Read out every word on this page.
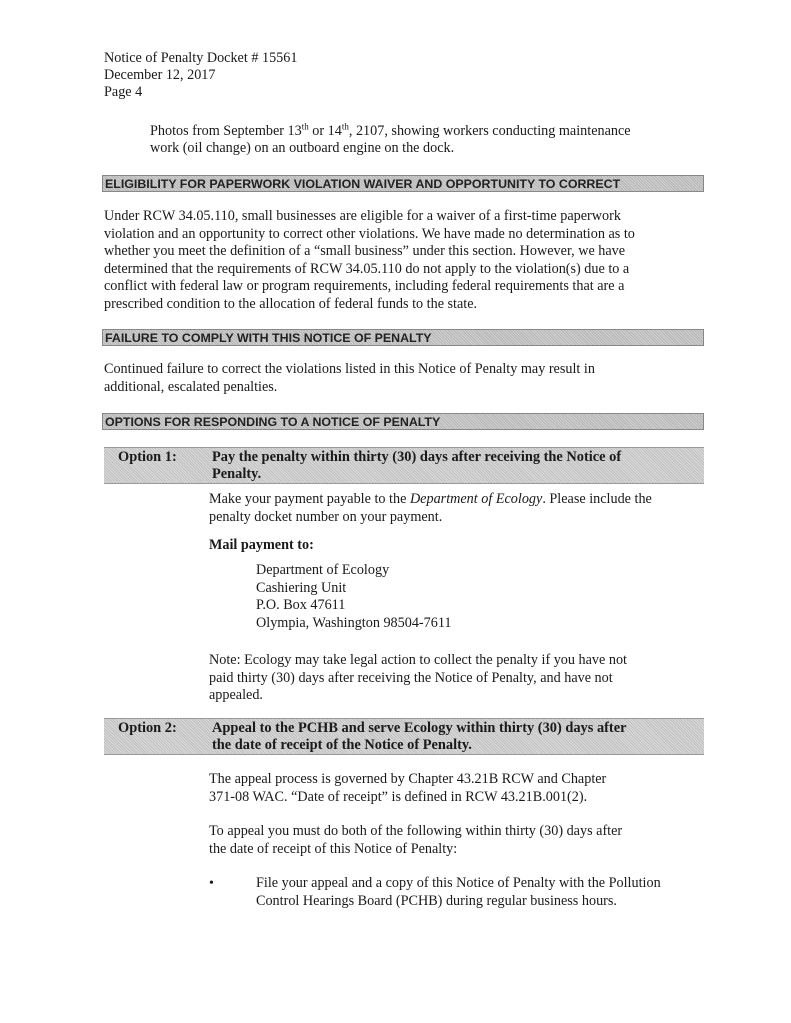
Notice of Penalty Docket # 15561
December 12, 2017
Page 4
Photos from September 13th or 14th, 2107, showing workers conducting maintenance
work (oil change) on an outboard engine on the dock.
ELIGIBILITY FOR PAPERWORK VIOLATION WAIVER AND OPPORTUNITY TO CORRECT
Under RCW 34.05.110, small businesses are eligible for a waiver of a first-time paperwork
violation and an opportunity to correct other violations. We have made no determination as to
whether you meet the definition of a “small business” under this section. However, we have
determined that the requirements of RCW 34.05.110 do not apply to the violation(s) due to a
conflict with federal law or program requirements, including federal requirements that are a
prescribed condition to the allocation of federal funds to the state.
FAILURE TO COMPLY WITH THIS NOTICE OF PENALTY
Continued failure to correct the violations listed in this Notice of Penalty may result in
additional, escalated penalties.
OPTIONS FOR RESPONDING TO A NOTICE OF PENALTY
Option 1: Pay the penalty within thirty (30) days after receiving the Notice of
Penalty.
Make your payment payable to the Department of Ecology. Please include the
penalty docket number on your payment.
Mail payment to:
Department of Ecology
Cashiering Unit
P.O. Box 47611
Olympia, Washington 98504-7611
Note: Ecology may take legal action to collect the penalty if you have not
paid thirty (30) days after receiving the Notice of Penalty, and have not
appealed.
Option 2: Appeal to the PCHB and serve Ecology within thirty (30) days after
the date of receipt of the Notice of Penalty.
The appeal process is governed by Chapter 43.21B RCW and Chapter
371-08 WAC. “Date of receipt” is defined in RCW 43.21B.001(2).
To appeal you must do both of the following within thirty (30) days after
the date of receipt of this Notice of Penalty:
•	File your appeal and a copy of this Notice of Penalty with the Pollution
Control Hearings Board (PCHB) during regular business hours.
